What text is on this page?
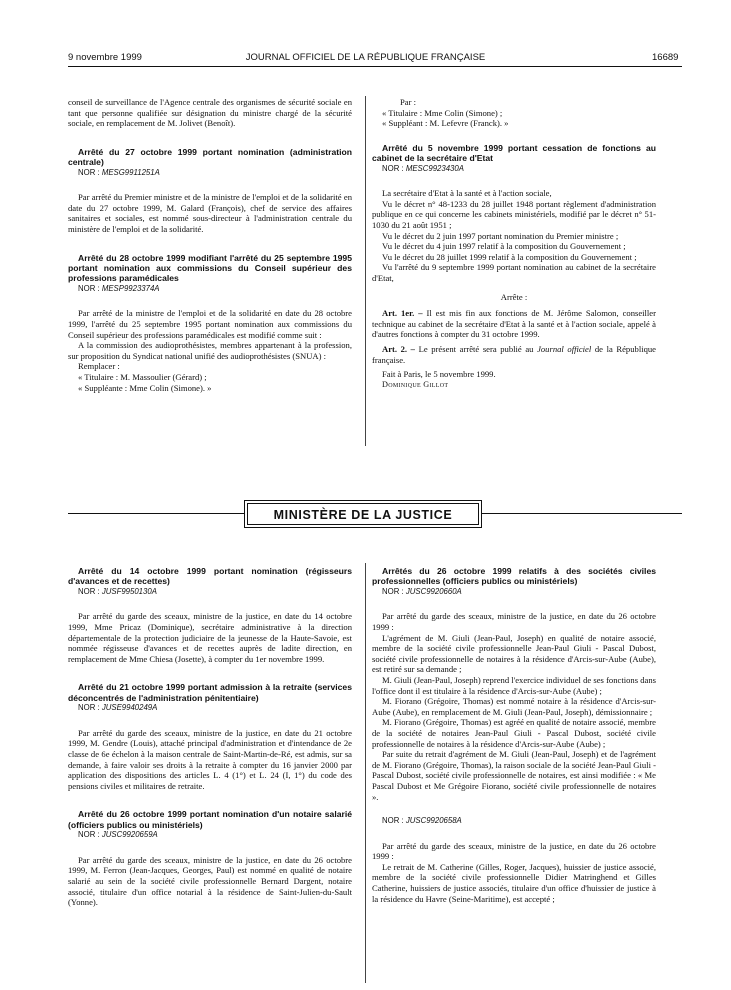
9 novembre 1999	JOURNAL OFFICIEL DE LA RÉPUBLIQUE FRANÇAISE	16689

conseil de surveillance de l'Agence centrale des organismes de sécurité sociale en tant que personne qualifiée sur désignation du ministre chargé de la sécurité sociale, en remplacement de M. Jolivet (Benoît).

Arrêté du 27 octobre 1999 portant nomination (administration centrale)

NOR : MESG9911251A

Par arrêté du Premier ministre et de la ministre de l'emploi et de la solidarité en date du 27 octobre 1999, M. Galard (François), chef de service des affaires sanitaires et sociales, est nommé sous-directeur à l'administration centrale du ministère de l'emploi et de la solidarité.

Arrêté du 28 octobre 1999 modifiant l'arrêté du 25 septembre 1995 portant nomination aux commissions du Conseil supérieur des professions paramédicales

NOR : MESP9923374A

Par arrêté de la ministre de l'emploi et de la solidarité en date du 28 octobre 1999, l'arrêté du 25 septembre 1995 portant nomination aux commissions du Conseil supérieur des professions paramédicales est modifié comme suit :

A la commission des audioprothésistes, membres appartenant à la profession, sur proposition du Syndicat national unifié des audioprothésistes (SNUA) :

Remplacer :

« Titulaire : M. Massoulier (Gérard) ;

« Suppléante : Mme Colin (Simone). »

Par :

« Titulaire : Mme Colin (Simone) ;

« Suppléant : M. Lefevre (Franck). »

Arrêté du 5 novembre 1999 portant cessation de fonctions au cabinet de la secrétaire d'Etat

NOR : MESC9923430A

La secrétaire d'Etat à la santé et à l'action sociale,

Vu le décret n° 48-1233 du 28 juillet 1948 portant règlement d'administration publique en ce qui concerne les cabinets ministériels, modifié par le décret n° 51-1030 du 21 août 1951 ;

Vu le décret du 2 juin 1997 portant nomination du Premier ministre ;

Vu le décret du 4 juin 1997 relatif à la composition du Gouvernement ;

Vu le décret du 28 juillet 1999 relatif à la composition du Gouvernement ;

Vu l'arrêté du 9 septembre 1999 portant nomination au cabinet de la secrétaire d'Etat,

Arrête :

Art. 1er. – Il est mis fin aux fonctions de M. Jérôme Salomon, conseiller technique au cabinet de la secrétaire d'Etat à la santé et à l'action sociale, appelé à d'autres fonctions à compter du 31 octobre 1999.

Art. 2. – Le présent arrêté sera publié au Journal officiel de la République française.

Fait à Paris, le 5 novembre 1999.

Dominique Gillot

MINISTÈRE DE LA JUSTICE

Arrêté du 14 octobre 1999 portant nomination (régisseurs d'avances et de recettes)

NOR : JUSF9950130A

Par arrêté du garde des sceaux, ministre de la justice, en date du 14 octobre 1999, Mme Pricaz (Dominique), secrétaire administrative à la direction départementale de la protection judiciaire de la jeunesse de la Haute-Savoie, est nommée régisseuse d'avances et de recettes auprès de ladite direction, en remplacement de Mme Chiesa (Josette), à compter du 1er novembre 1999.

Arrêté du 21 octobre 1999 portant admission à la retraite (services déconcentrés de l'administration pénitentiaire)

NOR : JUSE9940249A

Par arrêté du garde des sceaux, ministre de la justice, en date du 21 octobre 1999, M. Gendre (Louis), attaché principal d'administration et d'intendance de 2e classe de 6e échelon à la maison centrale de Saint-Martin-de-Ré, est admis, sur sa demande, à faire valoir ses droits à la retraite à compter du 16 janvier 2000 par application des dispositions des articles L. 4 (1°) et L. 24 (I, 1°) du code des pensions civiles et militaires de retraite.

Arrêté du 26 octobre 1999 portant nomination d'un notaire salarié (officiers publics ou ministériels)

NOR : JUSC9920659A

Par arrêté du garde des sceaux, ministre de la justice, en date du 26 octobre 1999, M. Ferron (Jean-Jacques, Georges, Paul) est nommé en qualité de notaire salarié au sein de la société civile professionnelle Bernard Dargent, notaire associé, titulaire d'un office notarial à la résidence de Saint-Julien-du-Sault (Yonne).

Arrêtés du 26 octobre 1999 relatifs à des sociétés civiles professionnelles (officiers publics ou ministériels)

NOR : JUSC9920660A

Par arrêté du garde des sceaux, ministre de la justice, en date du 26 octobre 1999 :

L'agrément de M. Giuli (Jean-Paul, Joseph) en qualité de notaire associé, membre de la société civile professionnelle Jean-Paul Giuli - Pascal Dubost, société civile professionnelle de notaires à la résidence d'Arcis-sur-Aube (Aube), est retiré sur sa demande ;

M. Giuli (Jean-Paul, Joseph) reprend l'exercice individuel de ses fonctions dans l'office dont il est titulaire à la résidence d'Arcis-sur-Aube (Aube) ;

M. Fiorano (Grégoire, Thomas) est nommé notaire à la résidence d'Arcis-sur-Aube (Aube), en remplacement de M. Giuli (Jean-Paul, Joseph), démissionnaire ;

M. Fiorano (Grégoire, Thomas) est agréé en qualité de notaire associé, membre de la société de notaires Jean-Paul Giuli - Pascal Dubost, société civile professionnelle de notaires à la résidence d'Arcis-sur-Aube (Aube) ;

Par suite du retrait d'agrément de M. Giuli (Jean-Paul, Joseph) et de l'agrément de M. Fiorano (Grégoire, Thomas), la raison sociale de la société Jean-Paul Giuli - Pascal Dubost, société civile professionnelle de notaires, est ainsi modifiée : « Me Pascal Dubost et Me Grégoire Fiorano, société civile professionnelle de notaires ».

NOR : JUSC9920658A

Par arrêté du garde des sceaux, ministre de la justice, en date du 26 octobre 1999 :

Le retrait de M. Catherine (Gilles, Roger, Jacques), huissier de justice associé, membre de la société civile professionnelle Didier Matringhend et Gilles Catherine, huissiers de justice associés, titulaire d'un office d'huissier de justice à la résidence du Havre (Seine-Maritime), est accepté ;
